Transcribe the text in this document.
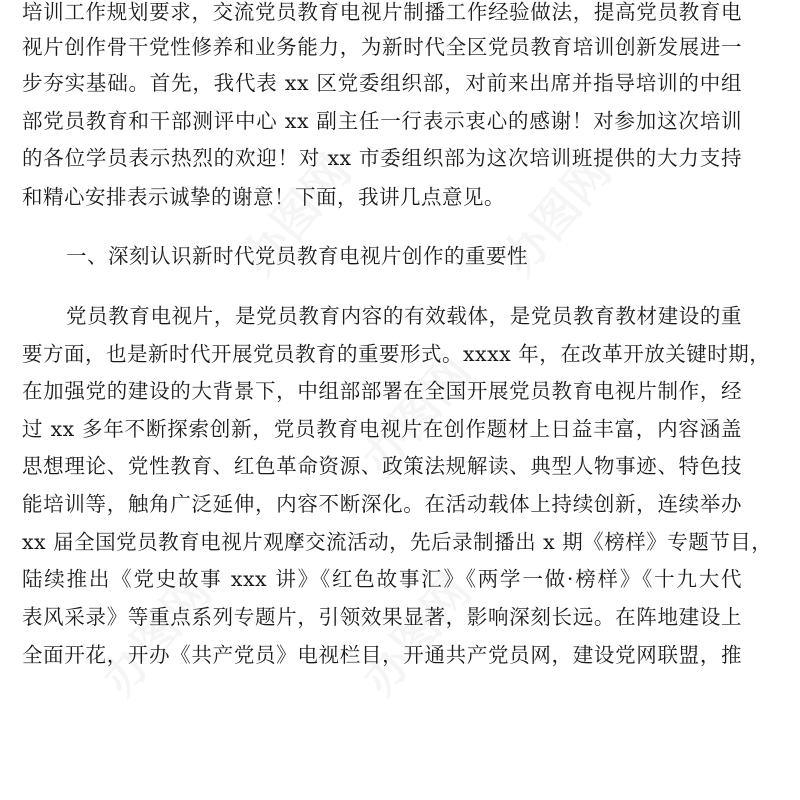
办图网	办图网
办图网
办图网	办图网
培训工作规划要求，交流党员教育电视片制播工作经验做法，提高党员教育电
视片创作骨干党性修养和业务能力，为新时代全区党员教育培训创新发展进一
步夯实基础。首先，我代表 xx 区党委组织部，对前来出席并指导培训的中组
部党员教育和干部测评中心 xx 副主任一行表示衷心的感谢！对参加这次培训
的各位学员表示热烈的欢迎！对 xx 市委组织部为这次培训班提供的大力支持
和精心安排表示诚挚的谢意！下面，我讲几点意见。
一、深刻认识新时代党员教育电视片创作的重要性
党员教育电视片，是党员教育内容的有效载体，是党员教育教材建设的重
要方面，也是新时代开展党员教育的重要形式。xxxx 年，在改革开放关键时期，
在加强党的建设的大背景下，中组部部署在全国开展党员教育电视片制作，经
过 xx 多年不断探索创新，党员教育电视片在创作题材上日益丰富，内容涵盖
思想理论、党性教育、红色革命资源、政策法规解读、典型人物事迹、特色技
能培训等，触角广泛延伸，内容不断深化。在活动载体上持续创新，连续举办
xx 届全国党员教育电视片观摩交流活动，先后录制播出 x 期《榜样》专题节目，
陆续推出《党史故事 xxx 讲》《红色故事汇》《两学一做·榜样》《十九大代
表风采录》等重点系列专题片，引领效果显著，影响深刻长远。在阵地建设上
全面开花，开办《共产党员》电视栏目，开通共产党员网，建设党网联盟，推
